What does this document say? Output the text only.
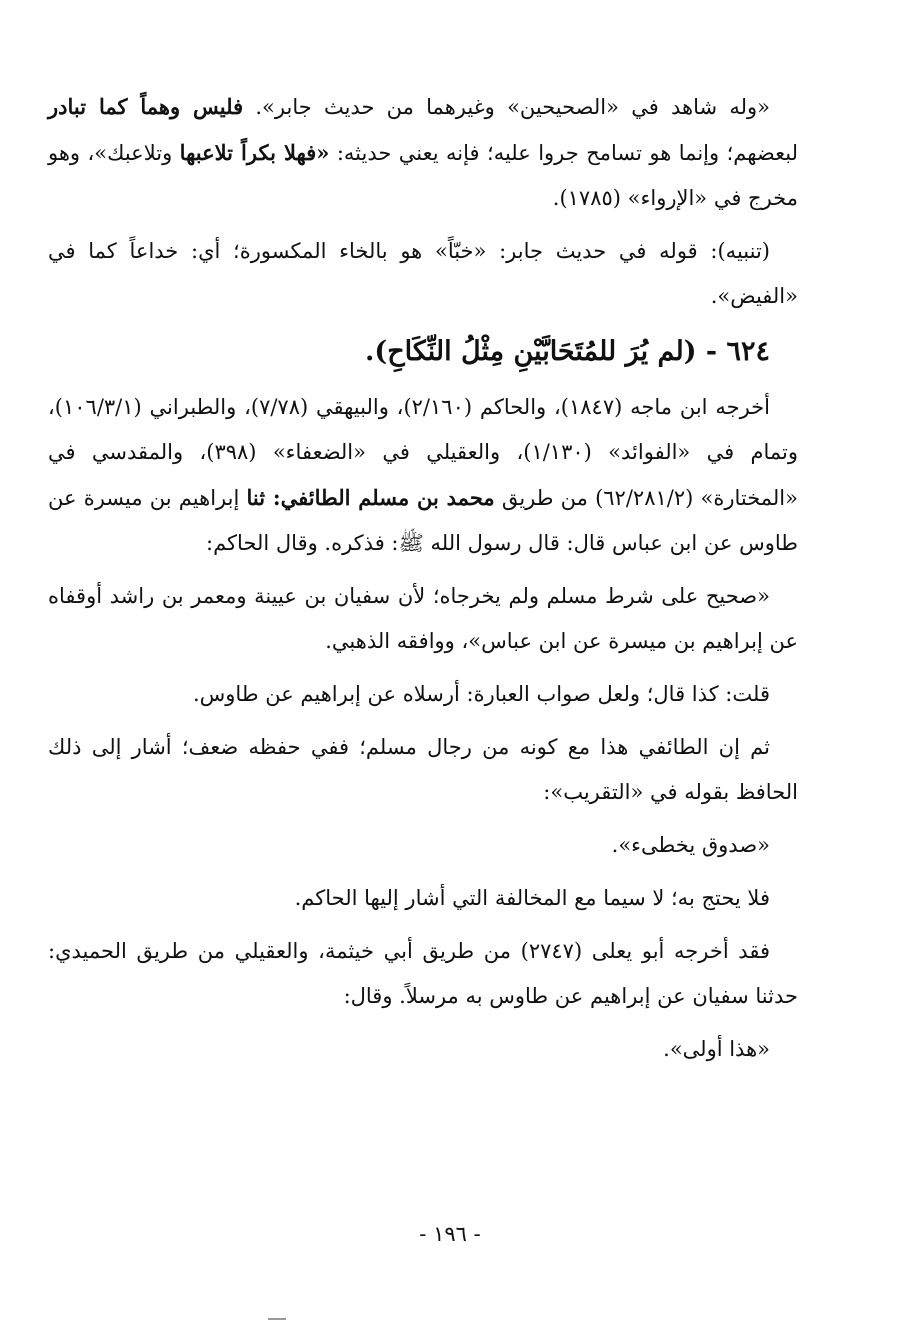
«وله شاهد في «الصحيحين» وغيرهما من حديث جابر». فليس وهماً كما تبادر لبعضهم؛ وإنما هو تسامح جروا عليه؛ فإنه يعني حديثه: «فهلا بكراً تلاعبها وتلاعبك»، وهو مخرج في «الإرواء» (١٧٨٥).

(تنبيه): قوله في حديث جابر: «خبّاً» هو بالخاء المكسورة؛ أي: خداعاً كما في «الفيض».

٦٢٤ - (لم يُرَ للمُتَحَابَّيْنِ مِثْلُ النِّكَاحِ).

أخرجه ابن ماجه (١٨٤٧)، والحاكم (٢/١٦٠)، والبيهقي (٧/٧٨)، والطبراني (١٠٦/٣/١)، وتمام في «الفوائد» (١/١٣٠)، والعقيلي في «الضعفاء» (٣٩٨)، والمقدسي في «المختارة» (٦٢/٢٨١/٢) من طريق محمد بن مسلم الطائفي: ثنا إبراهيم بن ميسرة عن طاوس عن ابن عباس قال: قال رسول الله ﷺ: فذكره. وقال الحاكم:

«صحيح على شرط مسلم ولم يخرجاه؛ لأن سفيان بن عيينة ومعمر بن راشد أوقفاه عن إبراهيم بن ميسرة عن ابن عباس»، ووافقه الذهبي.

قلت: كذا قال؛ ولعل صواب العبارة: أرسلاه عن إبراهيم عن طاوس.

ثم إن الطائفي هذا مع كونه من رجال مسلم؛ ففي حفظه ضعف؛ أشار إلى ذلك الحافظ بقوله في «التقريب»:

«صدوق يخطىء».

فلا يحتج به؛ لا سيما مع المخالفة التي أشار إليها الحاكم.

فقد أخرجه أبو يعلى (٢٧٤٧) من طريق أبي خيثمة، والعقيلي من طريق الحميدي: حدثنا سفيان عن إبراهيم عن طاوس به مرسلاً. وقال:

«هذا أولى».

- ١٩٦ -
